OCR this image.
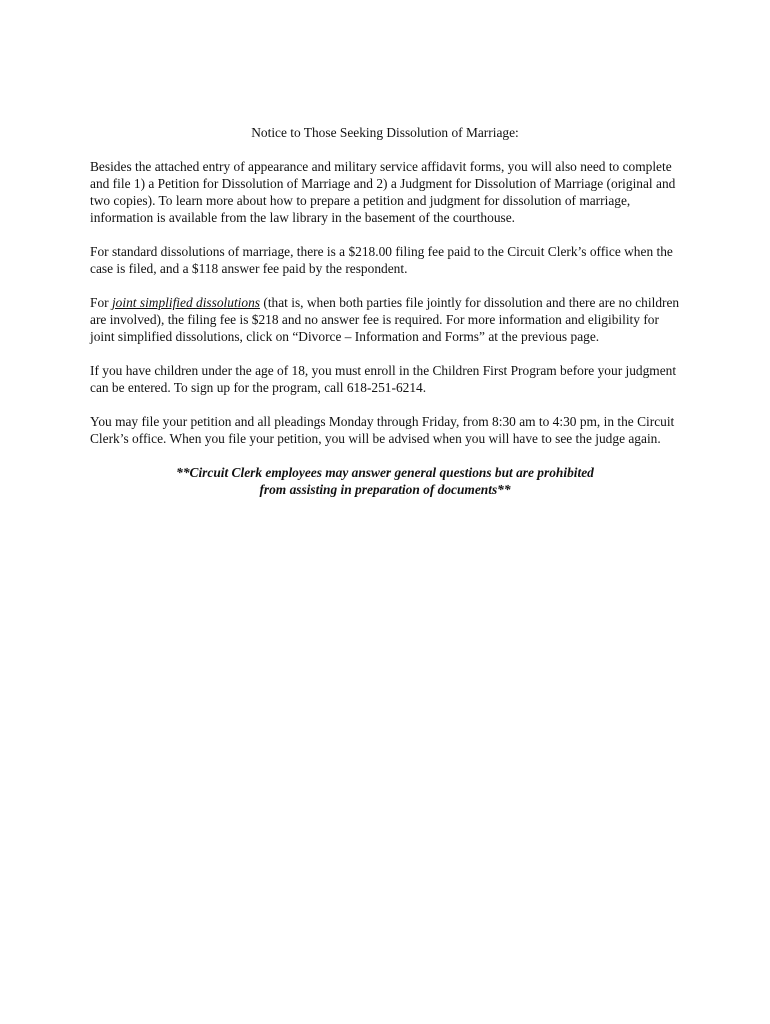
Notice to Those Seeking Dissolution of Marriage:

Besides the attached entry of appearance and military service affidavit forms, you will also need to complete and file 1) a Petition for Dissolution of Marriage and 2) a Judgment for Dissolution of Marriage (original and two copies). To learn more about how to prepare a petition and judgment for dissolution of marriage, information is available from the law library in the basement of the courthouse.

For standard dissolutions of marriage, there is a $218.00 filing fee paid to the Circuit Clerk’s office when the case is filed, and a $118 answer fee paid by the respondent.

For joint simplified dissolutions (that is, when both parties file jointly for dissolution and there are no children are involved), the filing fee is $218 and no answer fee is required. For more information and eligibility for joint simplified dissolutions, click on “Divorce – Information and Forms” at the previous page.

If you have children under the age of 18, you must enroll in the Children First Program before your judgment can be entered. To sign up for the program, call 618-251-6214.

You may file your petition and all pleadings Monday through Friday, from 8:30 am to 4:30 pm, in the Circuit Clerk’s office. When you file your petition, you will be advised when you will have to see the judge again.

**Circuit Clerk employees may answer general questions but are prohibited
from assisting in preparation of documents**
